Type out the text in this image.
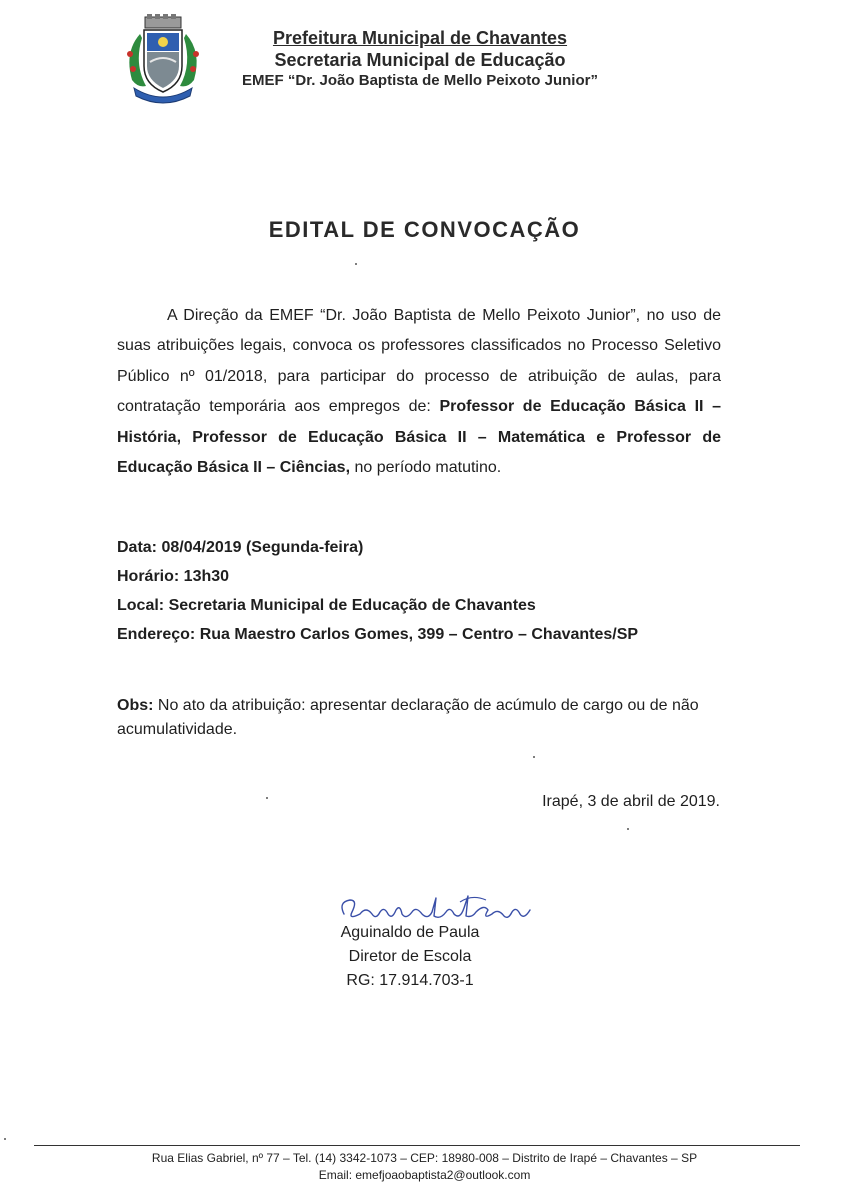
Prefeitura Municipal de Chavantes
Secretaria Municipal de Educação
EMEF “Dr. João Baptista de Mello Peixoto Junior”
EDITAL DE CONVOCAÇÃO
A Direção da EMEF “Dr. João Baptista de Mello Peixoto Junior”, no uso de suas atribuições legais, convoca os professores classificados no Processo Seletivo Público nº 01/2018, para participar do processo de atribuição de aulas, para contratação temporária aos empregos de: Professor de Educação Básica II – História, Professor de Educação Básica II – Matemática e Professor de Educação Básica II – Ciências, no período matutino.
Data: 08/04/2019 (Segunda-feira)
Horário: 13h30
Local: Secretaria Municipal de Educação de Chavantes
Endereço: Rua Maestro Carlos Gomes, 399 – Centro – Chavantes/SP
Obs: No ato da atribuição: apresentar declaração de acúmulo de cargo ou de não acumulatividade.
Irapé, 3 de abril de 2019.
Aguinaldo de Paula
Diretor de Escola
RG: 17.914.703-1
Rua Elias Gabriel, nº 77 – Tel. (14) 3342-1073 – CEP: 18980-008 – Distrito de Irapé – Chavantes – SP
Email: emefjoaobaptista2@outlook.com
